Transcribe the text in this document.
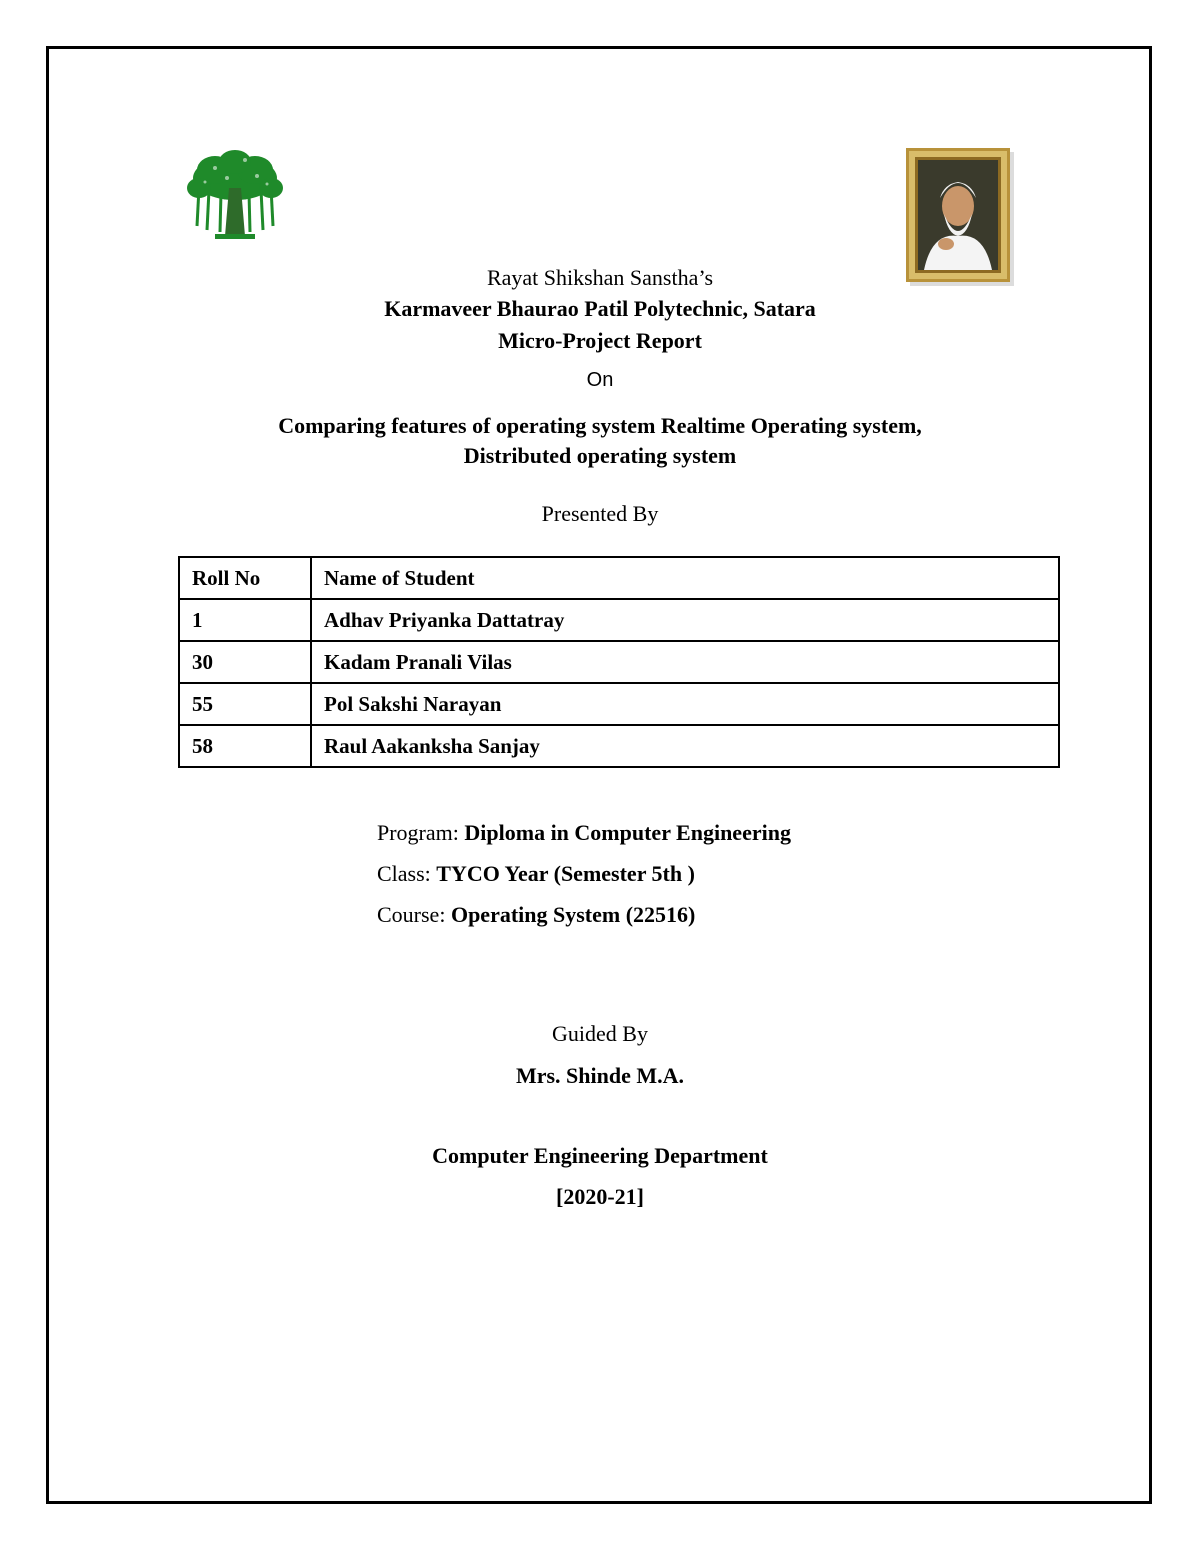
Rayat Shikshan Sanstha’s
Karmaveer Bhaurao Patil Polytechnic, Satara
Micro-Project Report
On
Comparing features of operating system Realtime Operating system,
Distributed operating system
Presented By
Roll No	Name of Student
1	Adhav Priyanka Dattatray
30	Kadam Pranali Vilas
55	Pol Sakshi Narayan
58	Raul Aakanksha Sanjay
Program: Diploma in Computer Engineering
Class: TYCO Year (Semester 5th )
Course: Operating System (22516)
Guided By
Mrs. Shinde M.A.
Computer Engineering Department
[2020-21]
